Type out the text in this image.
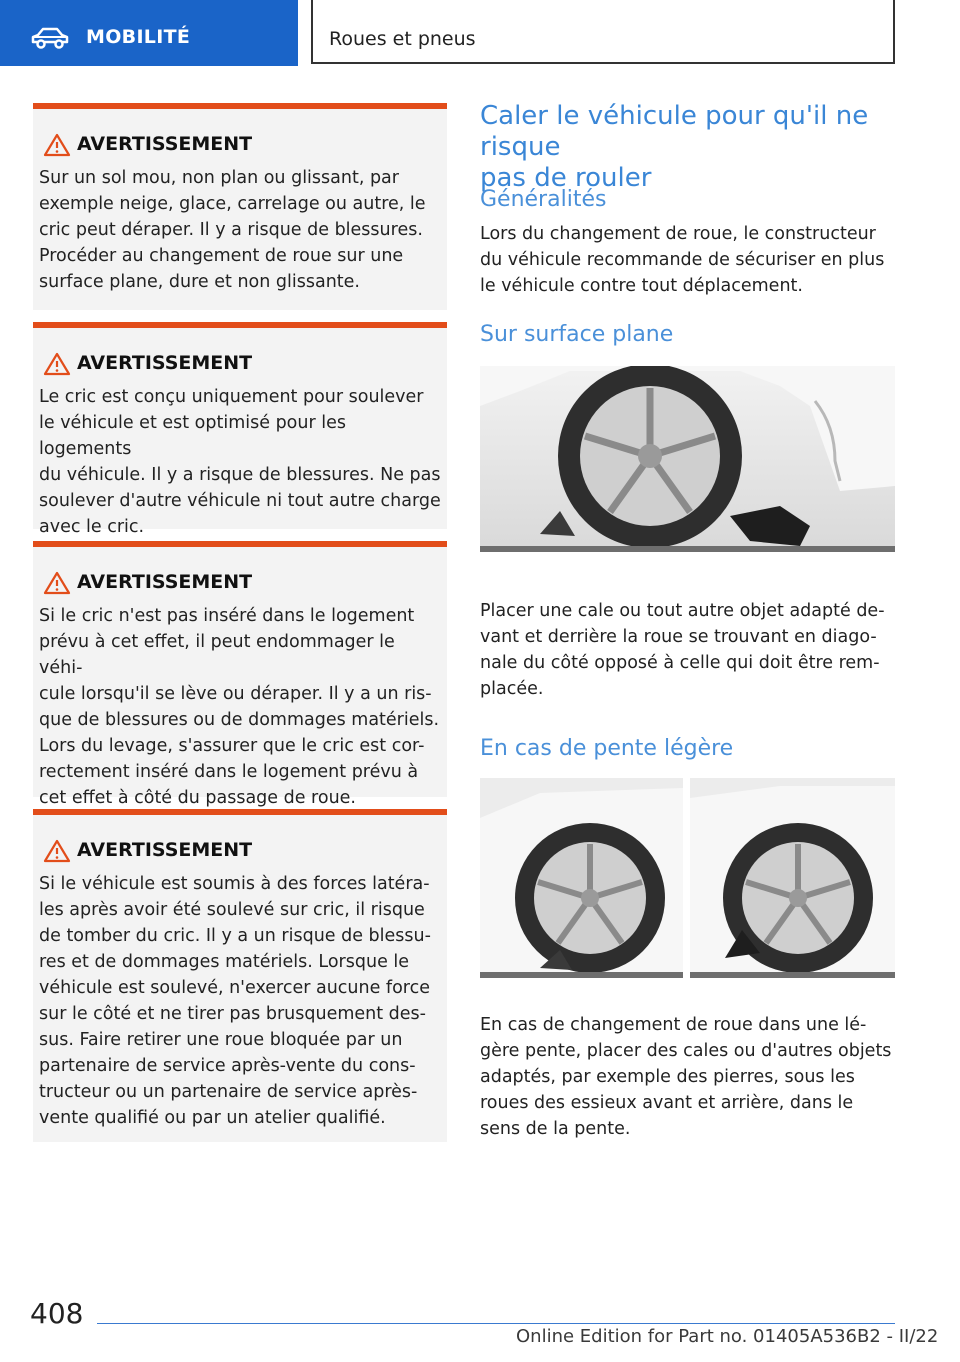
MOBILITÉ	Roues et pneus
AVERTISSEMENT
Sur un sol mou, non plan ou glissant, par
exemple neige, glace, carrelage ou autre, le
cric peut déraper. Il y a risque de blessures.
Procéder au changement de roue sur une
surface plane, dure et non glissante.
AVERTISSEMENT
Le cric est conçu uniquement pour soulever
le véhicule et est optimisé pour les logements
du véhicule. Il y a risque de blessures. Ne pas
soulever d'autre véhicule ni tout autre charge
avec le cric.
AVERTISSEMENT
Si le cric n'est pas inséré dans le logement
prévu à cet effet, il peut endommager le véhi-
cule lorsqu'il se lève ou déraper. Il y a un ris-
que de blessures ou de dommages matériels.
Lors du levage, s'assurer que le cric est cor-
rectement inséré dans le logement prévu à
cet effet à côté du passage de roue.
AVERTISSEMENT
Si le véhicule est soumis à des forces latéra-
les après avoir été soulevé sur cric, il risque
de tomber du cric. Il y a un risque de blessu-
res et de dommages matériels. Lorsque le
véhicule est soulevé, n'exercer aucune force
sur le côté et ne tirer pas brusquement des-
sus. Faire retirer une roue bloquée par un
partenaire de service après-vente du cons-
tructeur ou un partenaire de service après-
vente qualifié ou par un atelier qualifié.
Caler le véhicule pour qu'il ne risque
pas de rouler
Généralités
Lors du changement de roue, le constructeur
du véhicule recommande de sécuriser en plus
le véhicule contre tout déplacement.
Sur surface plane
Placer une cale ou tout autre objet adapté de-
vant et derrière la roue se trouvant en diago-
nale du côté opposé à celle qui doit être rem-
placée.
En cas de pente légère
En cas de changement de roue dans une lé-
gère pente, placer des cales ou d'autres objets
adaptés, par exemple des pierres, sous les
roues des essieux avant et arrière, dans le
sens de la pente.
408
Online Edition for Part no. 01405A536B2 - II/22
